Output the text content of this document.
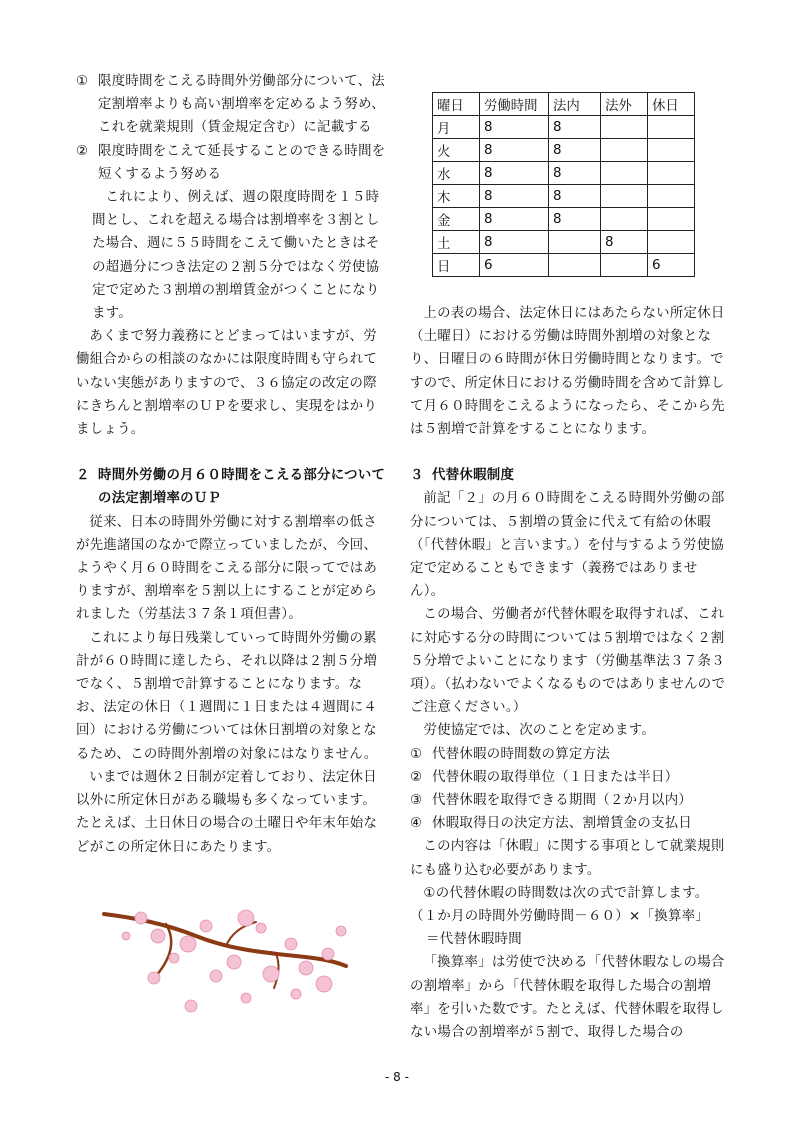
① 限度時間をこえる時間外労働部分について、法定割増率よりも高い割増率を定めるよう努め、これを就業規則（賃金規定含む）に記載する
② 限度時間をこえて延長することのできる時間を短くするよう努める

これにより、例えば、週の限度時間を１５時間とし、これを超える場合は割増率を３割とした場合、週に５５時間をこえて働いたときはその超過分につき法定の２割５分ではなく労使協定で定めた３割増の割増賃金がつくことになります。

あくまで努力義務にとどまってはいますが、労働組合からの相談のなかには限度時間も守られていない実態がありますので、３６協定の改定の際にきちんと割増率のＵＰを要求し、実現をはかりましょう。

２ 時間外労働の月６０時間をこえる部分についての法定割増率のＵＰ

従来、日本の時間外労働に対する割増率の低さが先進諸国のなかで際立っていましたが、今回、ようやく月６０時間をこえる部分に限ってではありますが、割増率を５割以上にすることが定められました（労基法３７条１項但書）。

これにより毎日残業していって時間外労働の累計が６０時間に達したら、それ以降は２割５分増でなく、５割増で計算することになります。なお、法定の休日（１週間に１日または４週間に４回）における労働については休日割増の対象となるため、この時間外割増の対象にはなりません。

いまでは週休２日制が定着しており、法定休日以外に所定休日がある職場も多くなっています。たとえば、土日休日の場合の土曜日や年末年始などがこの所定休日にあたります。

曜日	労働時間	法内	法外	休日
月	8	8		
火	8	8		
水	8	8		
木	8	8		
金	8	8		
土	8		8	
日	6			6

上の表の場合、法定休日にはあたらない所定休日（土曜日）における労働は時間外割増の対象となり、日曜日の６時間が休日労働時間となります。ですので、所定休日における労働時間を含めて計算して月６０時間をこえるようになったら、そこから先は５割増で計算をすることになります。

３ 代替休暇制度

前記「２」の月６０時間をこえる時間外労働の部分については、５割増の賃金に代えて有給の休暇（「代替休暇」と言います。）を付与するよう労使協定で定めることもできます（義務ではありません）。

この場合、労働者が代替休暇を取得すれば、これに対応する分の時間については５割増ではなく２割５分増でよいことになります（労働基準法３７条３項）。（払わないでよくなるものではありませんのでご注意ください。）

労使協定では、次のことを定めます。

① 代替休暇の時間数の算定方法
② 代替休暇の取得単位（１日または半日）
③ 代替休暇を取得できる期間（２か月以内）
④ 休暇取得日の決定方法、割増賃金の支払日

この内容は「休暇」に関する事項として就業規則にも盛り込む必要があります。

①の代替休暇の時間数は次の式で計算します。

（１か月の時間外労働時間－６０）×「換算率」

＝代替休暇時間

「換算率」は労使で決める「代替休暇なしの場合の割増率」から「代替休暇を取得した場合の割増率」を引いた数です。たとえば、代替休暇を取得しない場合の割増率が５割で、取得した場合の

- 8 -
